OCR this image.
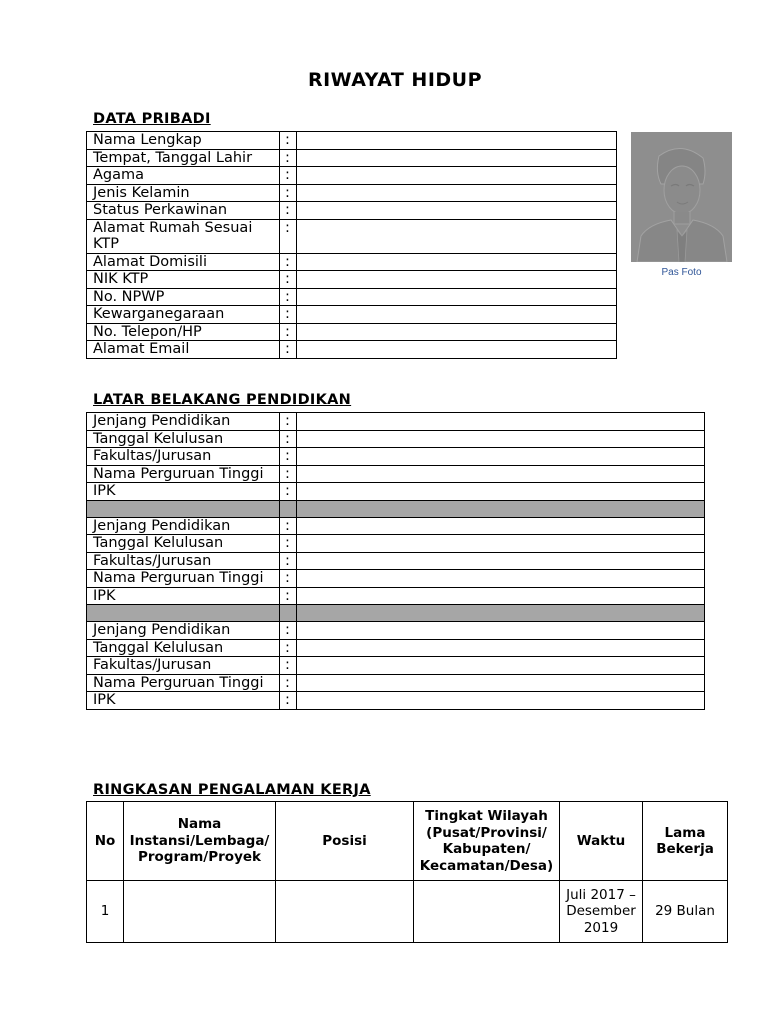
RIWAYAT HIDUP
DATA PRIBADI
Nama Lengkap	:	
Tempat, Tanggal Lahir	:	
Agama	:	
Jenis Kelamin	:	
Status Perkawinan	:	
Alamat Rumah Sesuai KTP	:	
Alamat Domisili	:	
NIK KTP	:	
No. NPWP	:	
Kewarganegaraan	:	
No. Telepon/HP	:	
Alamat Email	:	
Pas Foto
LATAR BELAKANG PENDIDIKAN
Jenjang Pendidikan	:	
Tanggal Kelulusan	:	
Fakultas/Jurusan	:	
Nama Perguruan Tinggi	:	
IPK	:	

Jenjang Pendidikan	:	
Tanggal Kelulusan	:	
Fakultas/Jurusan	:	
Nama Perguruan Tinggi	:	
IPK	:	

Jenjang Pendidikan	:	
Tanggal Kelulusan	:	
Fakultas/Jurusan	:	
Nama Perguruan Tinggi	:	
IPK	:	
RINGKASAN PENGALAMAN KERJA
No	Nama Instansi/Lembaga/ Program/Proyek	Posisi	Tingkat Wilayah (Pusat/Provinsi/ Kabupaten/ Kecamatan/Desa)	Waktu	Lama Bekerja
1				Juli 2017 – Desember 2019	29 Bulan
